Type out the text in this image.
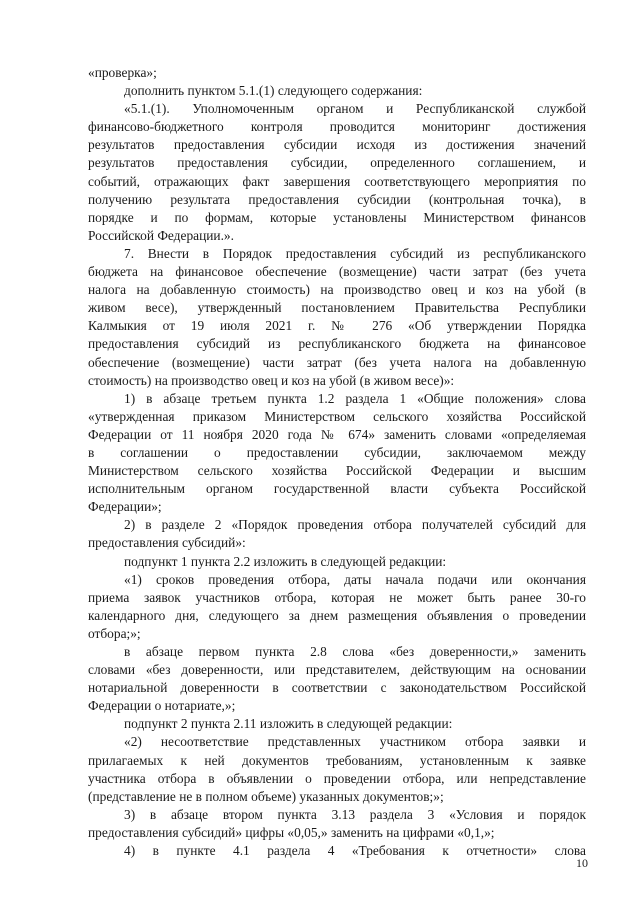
«проверка»;
дополнить пунктом 5.1.(1) следующего содержания:
«5.1.(1). Уполномоченным органом и Республиканской службой
финансово-бюджетного контроля проводится мониторинг достижения
результатов предоставления субсидии исходя из достижения значений
результатов предоставления субсидии, определенного соглашением, и
событий, отражающих факт завершения соответствующего мероприятия по
получению результата предоставления субсидии (контрольная точка), в
порядке и по формам, которые установлены Министерством финансов
Российской Федерации.».
7. Внести в Порядок предоставления субсидий из республиканского
бюджета на финансовое обеспечение (возмещение) части затрат (без учета
налога на добавленную стоимость) на производство овец и коз на убой (в
живом весе), утвержденный постановлением Правительства Республики
Калмыкия от 19 июля 2021 г. № 276 «Об утверждении Порядка
предоставления субсидий из республиканского бюджета на финансовое
обеспечение (возмещение) части затрат (без учета налога на добавленную
стоимость) на производство овец и коз на убой (в живом весе)»:
1) в абзаце третьем пункта 1.2 раздела 1 «Общие положения» слова
«утвержденная приказом Министерством сельского хозяйства Российской
Федерации от 11 ноября 2020 года № 674» заменить словами «определяемая
в соглашении о предоставлении субсидии, заключаемом между
Министерством сельского хозяйства Российской Федерации и высшим
исполнительным органом государственной власти субъекта Российской
Федерации»;
2) в разделе 2 «Порядок проведения отбора получателей субсидий для
предоставления субсидий»:
подпункт 1 пункта 2.2 изложить в следующей редакции:
«1) сроков проведения отбора, даты начала подачи или окончания
приема заявок участников отбора, которая не может быть ранее 30-го
календарного дня, следующего за днем размещения объявления о проведении
отбора;»;
в абзаце первом пункта 2.8 слова «без доверенности,» заменить
словами «без доверенности, или представителем, действующим на основании
нотариальной доверенности в соответствии с законодательством Российской
Федерации о нотариате,»;
подпункт 2 пункта 2.11 изложить в следующей редакции:
«2) несоответствие представленных участником отбора заявки и
прилагаемых к ней документов требованиям, установленным к заявке
участника отбора в объявлении о проведении отбора, или непредставление
(представление не в полном объеме) указанных документов;»;
3) в абзаце втором пункта 3.13 раздела 3 «Условия и порядок
предоставления субсидий» цифры «0,05,» заменить на цифрами «0,1,»;
4) в пункте 4.1 раздела 4 «Требования к отчетности» слова
10
